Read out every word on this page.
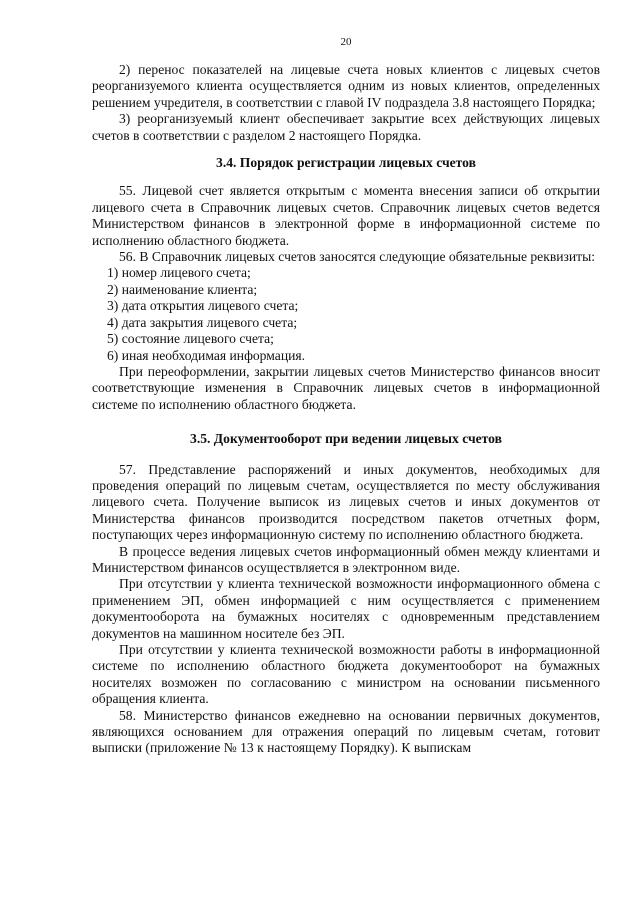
20

2) перенос показателей на лицевые счета новых клиентов с лицевых счетов реорганизуемого клиента осуществляется одним из новых клиентов, определенных решением учредителя, в соответствии с главой IV подраздела 3.8 настоящего Порядка;

3) реорганизуемый клиент обеспечивает закрытие всех действующих лицевых счетов в соответствии с разделом 2 настоящего Порядка.

3.4. Порядок регистрации лицевых счетов

55. Лицевой счет является открытым с момента внесения записи об открытии лицевого счета в Справочник лицевых счетов. Справочник лицевых счетов ведется Министерством финансов в электронной форме в информационной системе по исполнению областного бюджета.

56. В Справочник лицевых счетов заносятся следующие обязательные реквизиты:

1) номер лицевого счета;

2) наименование клиента;

3) дата открытия лицевого счета;

4) дата закрытия лицевого счета;

5) состояние лицевого счета;

6) иная необходимая информация.

При переоформлении, закрытии лицевых счетов Министерство финансов вносит соответствующие изменения в Справочник лицевых счетов в информационной системе по исполнению областного бюджета.

3.5. Документооборот при ведении лицевых счетов

57. Представление распоряжений и иных документов, необходимых для проведения операций по лицевым счетам, осуществляется по месту обслуживания лицевого счета. Получение выписок из лицевых счетов и иных документов от Министерства финансов производится посредством пакетов отчетных форм, поступающих через информационную систему по исполнению областного бюджета.

В процессе ведения лицевых счетов информационный обмен между клиентами и Министерством финансов осуществляется в электронном виде.

При отсутствии у клиента технической возможности информационного обмена с применением ЭП, обмен информацией с ним осуществляется с применением документооборота на бумажных носителях с одновременным представлением документов на машинном носителе без ЭП.

При отсутствии у клиента технической возможности работы в информационной системе по исполнению областного бюджета документооборот на бумажных носителях возможен по согласованию с министром на основании письменного обращения клиента.

58. Министерство финансов ежедневно на основании первичных документов, являющихся основанием для отражения операций по лицевым счетам, готовит выписки (приложение № 13 к настоящему Порядку). К выпискам
